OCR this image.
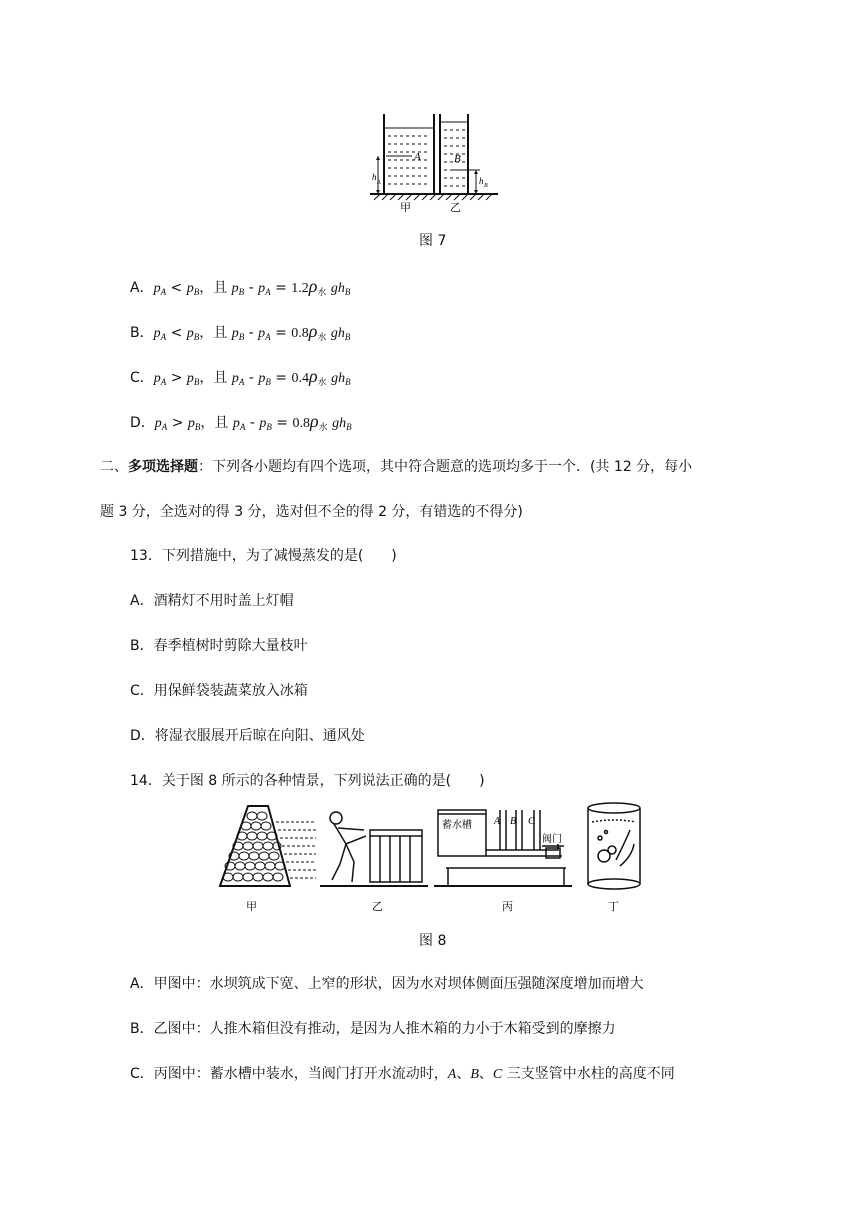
A	B
h
A	h B
甲	乙
图 7
A．$p_A < p_B$，且 $p_B - p_A = 1.2\rho_水$ $gh_B$
B．$p_A < p_B$，且 $p_B - p_A = 0.8\rho_水$ $gh_B$
C．$p_A > p_B$，且 $p_A - p_B = 0.4\rho_水$ $gh_B$
D．$p_A > p_B$，且 $p_A - p_B = 0.8\rho_水$ $gh_B$
二、多项选择题：下列各小题均有四个选项，其中符合题意的选项均多于一个．(共 12 分，每小
题 3 分，全选对的得 3 分，选对但不全的得 2 分，有错选的不得分)
13．下列措施中，为了减慢蒸发的是(　　)
A．酒精灯不用时盖上灯帽
B．春季植树时剪除大量枝叶
C．用保鲜袋装蔬菜放入冰箱
D．将湿衣服展开后晾在向阳、通风处
14．关于图 8 所示的各种情景，下列说法正确的是(　　)
蓄水槽 A B C
阀门
甲	乙	丙	丁
图 8
A．甲图中：水坝筑成下宽、上窄的形状，因为水对坝体侧面压强随深度增加而增大
B．乙图中：人推木箱但没有推动，是因为人推木箱的力小于木箱受到的摩擦力
C．丙图中：蓄水槽中装水，当阀门打开水流动时，A、B、C 三支竖管中水柱的高度不同
